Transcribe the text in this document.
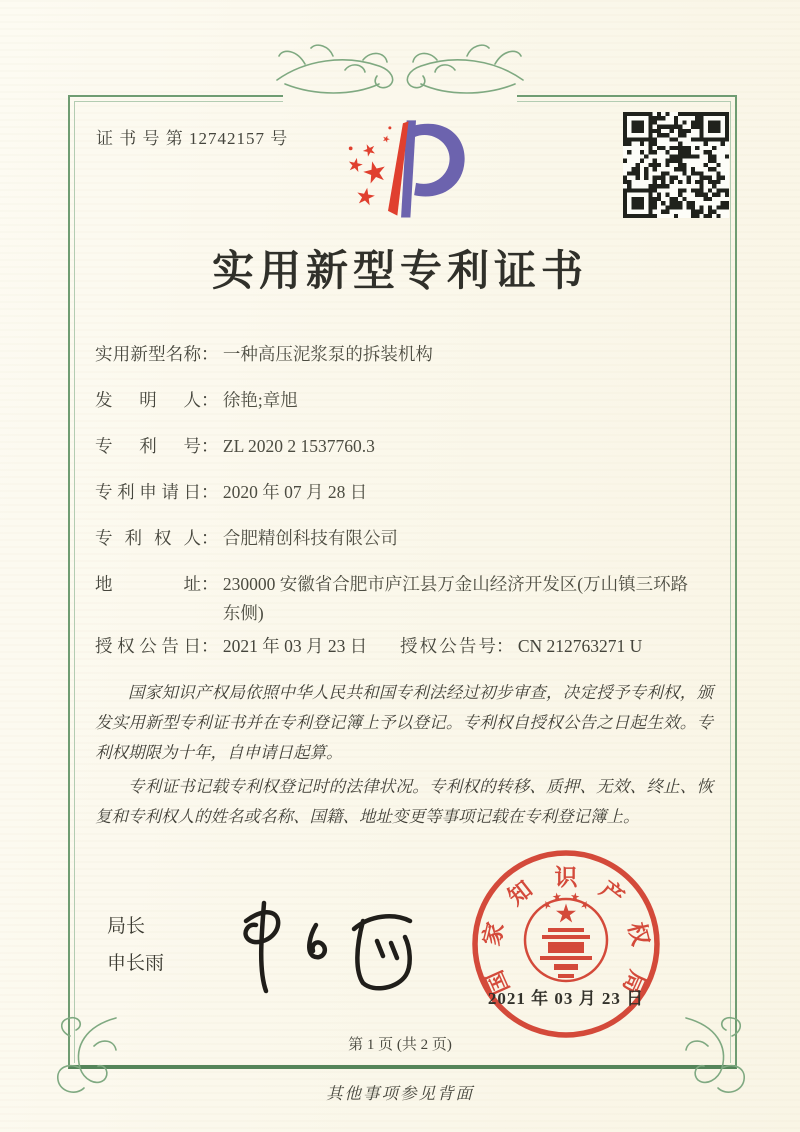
证 书 号 第 12742157 号
实用新型专利证书
实用新型名称： 一种高压泥浆泵的拆装机构
发明人： 徐艳;章旭
专利号： ZL 2020 2 1537760.3
专利申请日： 2020 年 07 月 28 日
专利权人： 合肥精创科技有限公司
地址： 230000 安徽省合肥市庐江县万金山经济开发区(万山镇三环路东侧)
授权公告日： 2021 年 03 月 23 日 授权公告号： CN 212763271 U

国家知识产权局依照中华人民共和国专利法经过初步审查，决定授予专利权，颁发实用新型专利证书并在专利登记簿上予以登记。专利权自授权公告之日起生效。专利权期限为十年，自申请日起算。

专利证书记载专利权登记时的法律状况。专利权的转移、质押、无效、终止、恢复和专利权人的姓名或名称、国籍、地址变更等事项记载在专利登记簿上。

局长
申长雨
国
家
知 识 产
权
局
2021 年 03 月 23 日
第 1 页 (共 2 页)
其他事项参见背面
